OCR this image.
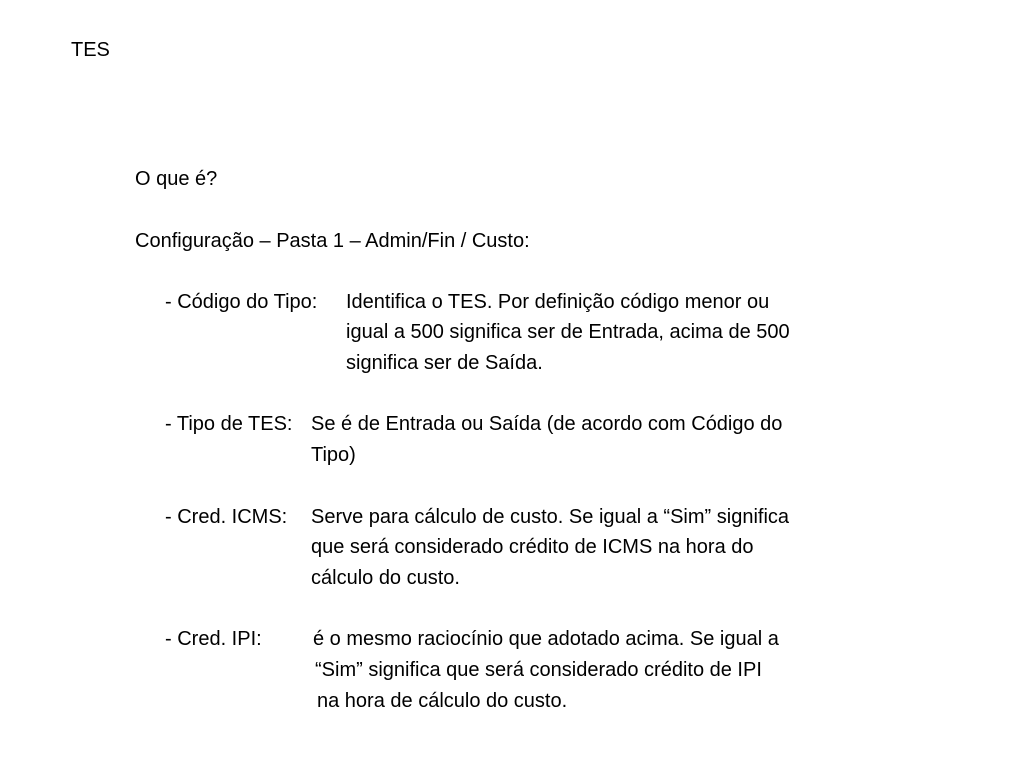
TES
O que é?
Configuração – Pasta 1 – Admin/Fin / Custo:
- Código do Tipo: Identifica o TES. Por definição código menor ou
igual a 500 significa ser de Entrada, acima de 500
significa ser de Saída.
- Tipo de TES: Se é de Entrada ou Saída (de acordo com Código do
Tipo)
- Cred. ICMS: Serve para cálculo de custo. Se igual a “Sim” significa
que será considerado crédito de ICMS na hora do
cálculo do custo.
- Cred. IPI:	é o mesmo raciocínio que adotado acima. Se igual a
“Sim” significa que será considerado crédito de IPI
na hora de cálculo do custo.
